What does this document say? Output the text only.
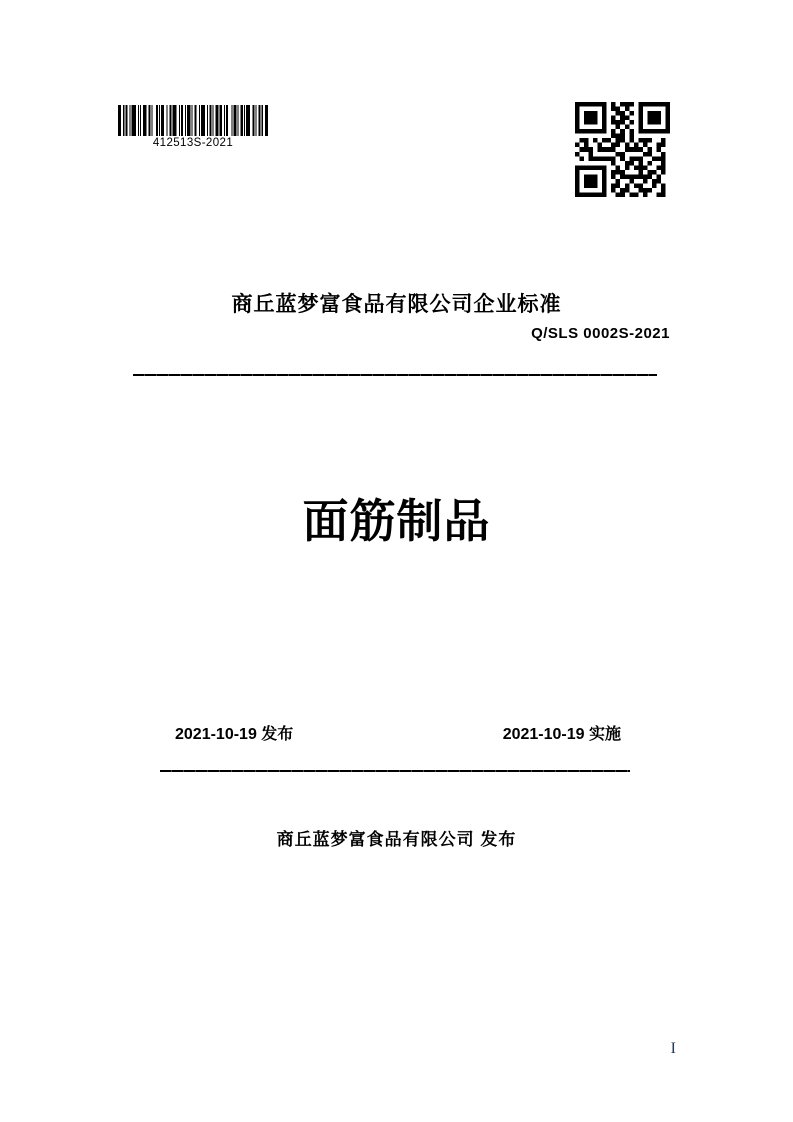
412513S-2021
商丘蓝梦富食品有限公司企业标准
Q/SLS 0002S-2021
面筋制品
2021-10-19 发布	2021-10-19 实施
商丘蓝梦富食品有限公司 发布
I
